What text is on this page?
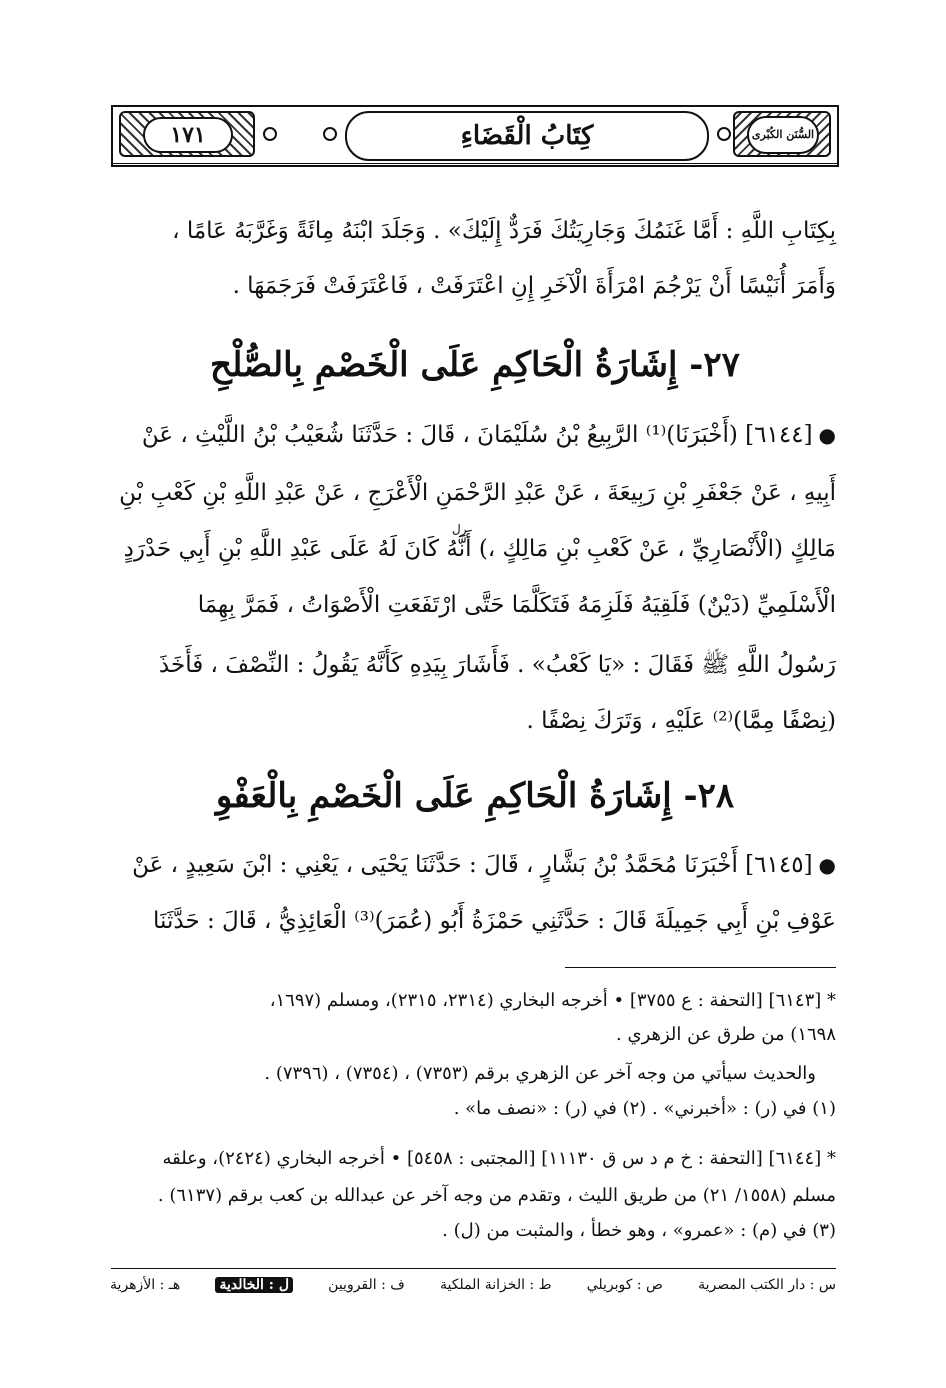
١٧١	كِتَابُ الْقَضَاءِ	السُّنَن الكُبْرى
بِكِتَابِ اللَّهِ : أَمَّا غَنَمُكَ وَجَارِيَتُكَ فَرَدٌّ إِلَيْكَ» . وَجَلَدَ ابْنَهُ مِائَةً وَغَرَّبَهُ عَامًا ،
وَأَمَرَ أُنَيْسًا أَنْ يَرْجُمَ امْرَأَةَ الْآخَرِ إِنِ اعْتَرَفَتْ ، فَاعْتَرَفَتْ فَرَجَمَهَا .
٢٧- إِشَارَةُ الْحَاكِمِ عَلَى الْخَصْمِ بِالصُّلْحِ
●[٦١٤٤] (أَخْبَرَنَا)⁽¹⁾ الرَّبِيعُ بْنُ سُلَيْمَانَ ، قَالَ : حَدَّثَنَا شُعَيْبُ بْنُ اللَّيْثِ ، عَنْ
أَبِيهِ ، عَنْ جَعْفَرِ بْنِ رَبِيعَةَ ، عَنْ عَبْدِ الرَّحْمَنِ الْأَعْرَجِ ، عَنْ عَبْدِ اللَّهِ بْنِ كَعْبِ بْنِ
رل
مَالِكٍ (الْأَنْصَارِيِّ ، عَنْ كَعْبِ بْنِ مَالِكٍ ،) أَنَّهُ كَانَ لَهُ عَلَى عَبْدِ اللَّهِ بْنِ أَبِي حَدْرَدٍ
الْأَسْلَمِيِّ (دَيْنٌ) فَلَقِيَهُ فَلَزِمَهُ فَتَكَلَّمَا حَتَّى ارْتَفَعَتِ الْأَصْوَاتُ ، فَمَرَّ بِهِمَا
رَسُولُ اللَّهِ ﷺ فَقَالَ : «يَا كَعْبُ» . فَأَشَارَ بِيَدِهِ كَأَنَّهُ يَقُولُ : النِّصْفَ ، فَأَخَذَ
(نِصْفًا مِمَّا)⁽²⁾ عَلَيْهِ ، وَتَرَكَ نِصْفًا .
٢٨- إِشَارَةُ الْحَاكِمِ عَلَى الْخَصْمِ بِالْعَفْوِ
●[٦١٤٥] أَخْبَرَنَا مُحَمَّدُ بْنُ بَشَّارٍ ، قَالَ : حَدَّثَنَا يَحْيَى ، يَعْنِي : ابْنَ سَعِيدٍ ، عَنْ
عَوْفِ بْنِ أَبِي جَمِيلَةَ قَالَ : حَدَّثَنِي حَمْزَةُ أَبُو (عُمَرَ)⁽³⁾ الْعَائِذِيُّ ، قَالَ : حَدَّثَنَا
* [٦١٤٣] [التحفة : ع ٣٧٥٥] • أخرجه البخاري (٢٣١٤، ٢٣١٥)، ومسلم (١٦٩٧،
١٦٩٨) من طرق عن الزهري .
والحديث سيأتي من وجه آخر عن الزهري برقم (٧٣٥٣) ، (٧٣٥٤) ، (٧٣٩٦) .
(١) في (ر) : «أخبرني» . (٢) في (ر) : «نصف ما» .
* [٦١٤٤] [التحفة : خ م د س ق ١١١٣٠] [المجتبى : ٥٤٥٨] • أخرجه البخاري (٢٤٢٤)، وعلقه
مسلم (١٥٥٨/ ٢١) من طريق الليث ، وتقدم من وجه آخر عن عبدالله بن كعب برقم (٦١٣٧) .
(٣) في (م) : «عمرو» ، وهو خطأ ، والمثبت من (ل) .
س : دار الكتب المصرية
ص : كوبريلي
ط : الخزانة الملكية
ف : القرويين
ل : الخالدية
هـ : الأزهرية
